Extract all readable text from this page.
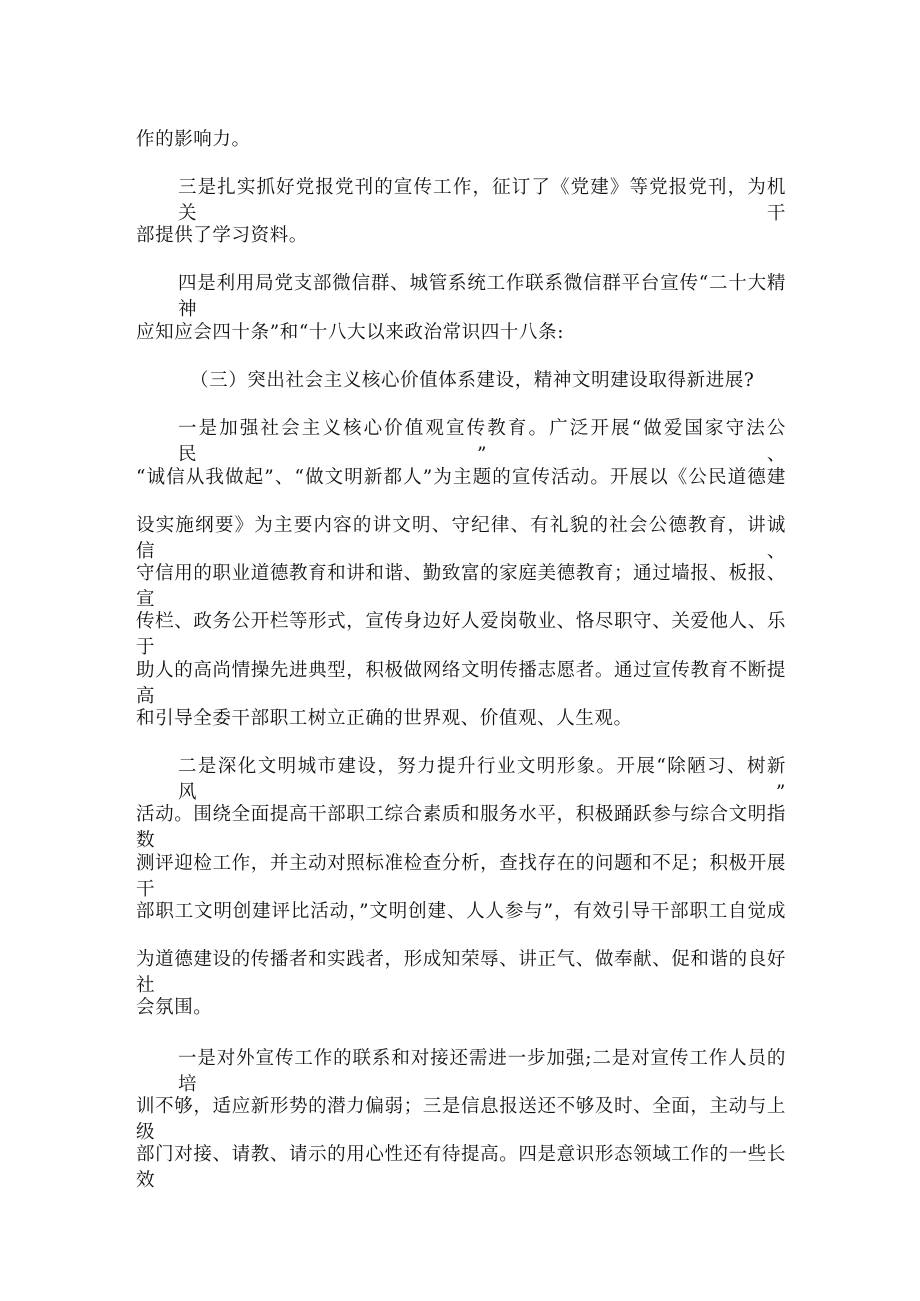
作的影响力。
三是扎实抓好党报党刊的宣传工作，征订了《党建》等党报党刊，为机关干
部提供了学习资料。
四是利用局党支部微信群、城管系统工作联系微信群平台宣传“二十大精神
应知应会四十条”和“十八大以来政治常识四十八条:
（三）突出社会主义核心价值体系建设，精神文明建设取得新进展?
一是加强社会主义核心价值观宣传教育。广泛开展“做爱国家守法公民”、
“诚信从我做起”、“做文明新都人”为主题的宣传活动。开展以《公民道德建
设实施纲要》为主要内容的讲文明、守纪律、有礼貌的社会公德教育，讲诚信、
守信用的职业道德教育和讲和谐、勤致富的家庭美德教育；通过墙报、板报、宣
传栏、政务公开栏等形式，宣传身边好人爱岗敬业、恪尽职守、关爱他人、乐于
助人的高尚情操先进典型，积极做网络文明传播志愿者。通过宣传教育不断提高
和引导全委干部职工树立正确的世界观、价值观、人生观。
二是深化文明城市建设，努力提升行业文明形象。开展“除陋习、树新风”
活动。围绕全面提高干部职工综合素质和服务水平，积极踊跃参与综合文明指数
测评迎检工作，并主动对照标准检查分析，查找存在的问题和不足；积极开展干
部职工文明创建评比活动，”文明创建、人人参与”，有效引导干部职工自觉成
为道德建设的传播者和实践者，形成知荣辱、讲正气、做奉献、促和谐的良好社
会氛围。
一是对外宣传工作的联系和对接还需进一步加强;二是对宣传工作人员的培
训不够，适应新形势的潜力偏弱；三是信息报送还不够及时、全面，主动与上级
部门对接、请教、请示的用心性还有待提高。四是意识形态领域工作的一些长效
